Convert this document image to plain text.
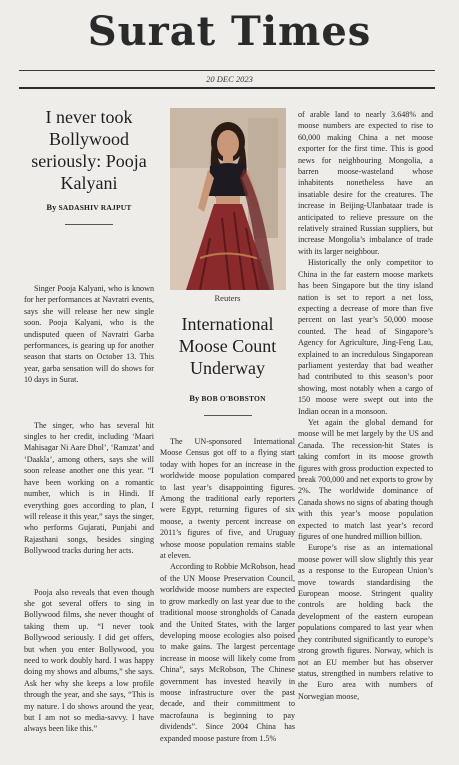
Surat Times
20 DEC 2023
I never took Bollywood seriously: Pooja Kalyani
By SADASHIV RAJPUT

Singer Pooja Kalyani, who is known for her performances at Navratri events, says she will release her new single soon. Pooja Kalyani, who is the undisputed queen of Navratri Garba performances, is gearing up for another season that starts on October 13. This year, garba sensation will do shows for 10 days in Surat.

The singer, who has several hit singles to her credit, including ‘Maari Mahisagar Ni Aare Dhol’, ‘Ramzat’ and ‘Daakla’, among others, says she will soon release another one this year. “I have been working on a romantic number, which is in Hindi. If everything goes according to plan, I will release it this year,” says the singer, who performs Gujarati, Punjabi and Rajasthani songs, besides singing Bollywood tracks during her acts.

Pooja also reveals that even though she got several offers to sing in Bollywood films, she never thought of taking them up. “I never took Bollywood seriously. I did get offers, but when you enter Bollywood, you need to work doubly hard. I was happy doing my shows and albums,” she says. Ask her why she keeps a low profile through the year, and she says, “This is my nature. I do shows around the year, but I am not so media-savvy. I have always been like this.”

Reuters
International Moose Count Underway
By BOB O'BOBSTON

The UN-sponsored International Moose Census got off to a flying start today with hopes for an increase in the worldwide moose population compared to last year’s disappointing figures. Among the traditional early reporters were Egypt, returning figures of six moose, a twenty percent increase on 2011’s figures of five, and Uruguay whose moose population remains stable at eleven.

According to Robbie McRobson, head of the UN Moose Preservation Council, worldwide moose numbers are expected to grow markedly on last year due to the traditional moose strongholds of Canada and the United States, with the larger developing moose ecologies also poised to make gains. The largest percentage increase in moose will likely come from China”, says McRobson, The Chinese government has invested heavily in moose infrastructure over the past decade, and their committment to macrofauna is beginning to pay dividends”. Since 2004 China has expanded moose pasture from 1.5%

of arable land to nearly 3.648% and moose numbers are expected to rise to 60,000 making China a net moose exporter for the first time. This is good news for neighbouring Mongolia, a barren moose-wasteland whose inhabitents nonetheless have an insatiable desire for the creatures. The increase in Beijing-Ulanbataar trade is anticipated to relieve pressure on the relatively strained Russian suppliers, but increase Mongolia’s imbalance of trade with its larger neighbour.

Historically the only competitor to China in the far eastern moose markets has been Singapore but the tiny island nation is set to report a net loss, expecting a decrease of more than five percent on last year’s 50,000 moose counted. The head of Singapore’s Agency for Agriculture, Jing-Feng Lau, explained to an incredulous Singaporean parliament yesterday that bad weather had contributed to this season’s poor showing, most notably when a cargo of 150 moose were swept out into the Indian ocean in a monsoon.

Yet again the global demand for moose will be met largely by the US and Canada. The recession-hit States is taking comfort in its moose growth figures with gross production expected to break 700,000 and net exports to grow by 2%. The worldwide dominance of Canada shows no signs of abating though with this year’s moose population expected to match last year’s record figures of one hundred million billion.

Europe’s rise as an international moose power will slow slightly this year as a response to the European Union’s move towards standardising the European moose. Stringent quality controls are holding back the development of the eastern european populations compared to last year when they contributed significantly to europe’s strong growth figures. Norway, which is not an EU member but has observer status, strengthed in numbers relative to the Euro area with numbers of Norwegian moose,
